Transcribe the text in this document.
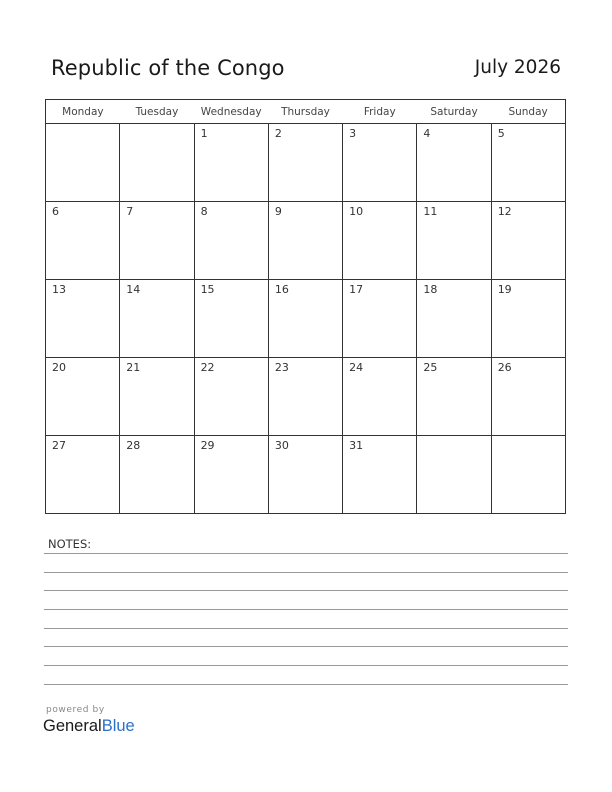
Republic of the Congo	July 2026
Monday	Tuesday	Wednesday	Thursday	Friday	Saturday	Sunday

		1	2	3	4	5

6	7	8	9	10	11	12

13	14	15	16	17	18	19

20	21	22	23	24	25	26

27	28	29	30	31		

NOTES:
powered by
GeneralBlue
